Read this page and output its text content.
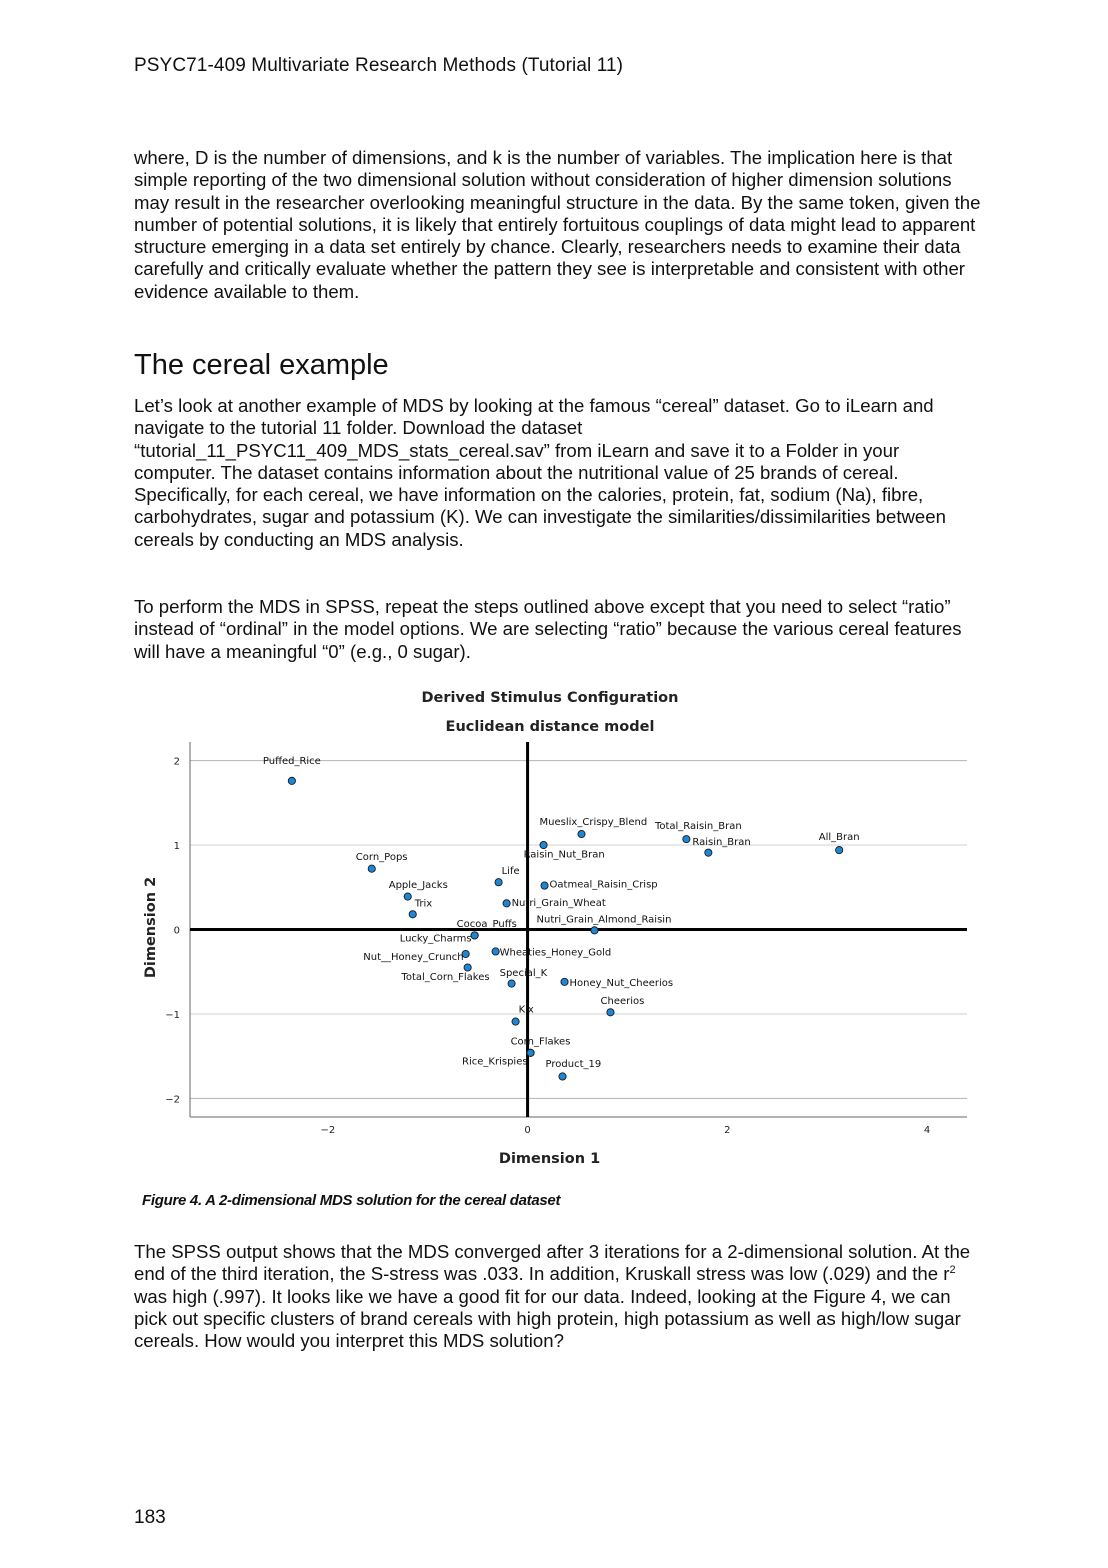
PSYC71-409 Multivariate Research Methods (Tutorial 11)

where, D is the number of dimensions, and k is the number of variables. The implication here is that simple reporting of the two dimensional solution without consideration of higher dimension solutions may result in the researcher overlooking meaningful structure in the data. By the same token, given the number of potential solutions, it is likely that entirely fortuitous couplings of data might lead to apparent structure emerging in a data set entirely by chance. Clearly, researchers needs to examine their data carefully and critically evaluate whether the pattern they see is interpretable and consistent with other evidence available to them.

The cereal example

Let’s look at another example of MDS by looking at the famous “cereal” dataset. Go to iLearn and navigate to the tutorial 11 folder. Download the dataset “tutorial_11_PSYC11_409_MDS_stats_cereal.sav” from iLearn and save it to a Folder in your computer. The dataset contains information about the nutritional value of 25 brands of cereal. Specifically, for each cereal, we have information on the calories, protein, fat, sodium (Na), fibre, carbohydrates, sugar and potassium (K). We can investigate the similarities/dissimilarities between cereals by conducting an MDS analysis.

To perform the MDS in SPSS, repeat the steps outlined above except that you need to select “ratio” instead of “ordinal” in the model options. We are selecting “ratio” because the various cereal features will have a meaningful “0” (e.g., 0 sugar).

Derived Stimulus Configuration
Euclidean distance model
−2
−1
0
1
2
−2	0	2	4
Dimension 1
Dimension 2
Puffed_Rice
Mueslix_Crispy_Blend
Raisin_Nut_Bran
Total_Raisin_Bran
Raisin_Bran	All_Bran
Corn_Pops
Life
Oatmeal_Raisin_Crisp
Apple_Jacks
Nutri_Grain_Wheat
Trix
Nutri_Grain_Almond_Raisin
Cocoa_Puffs
Lucky_Charms
Nut__Honey_Crunch	Wheaties_Honey_Gold
Total_Corn_Flakes Special_K
Honey_Nut_Cheerios
Cheerios
Kix
Corn_Flakes
Rice_Krispies Product_19
Figure 4. A 2-dimensional MDS solution for the cereal dataset

The SPSS output shows that the MDS converged after 3 iterations for a 2-dimensional solution. At the end of the third iteration, the S-stress was .033. In addition, Kruskall stress was low (.029) and the $r^2$ was high (.997). It looks like we have a good fit for our data. Indeed, looking at the Figure 4, we can pick out specific clusters of brand cereals with high protein, high potassium as well as high/low sugar cereals. How would you interpret this MDS solution?

183
